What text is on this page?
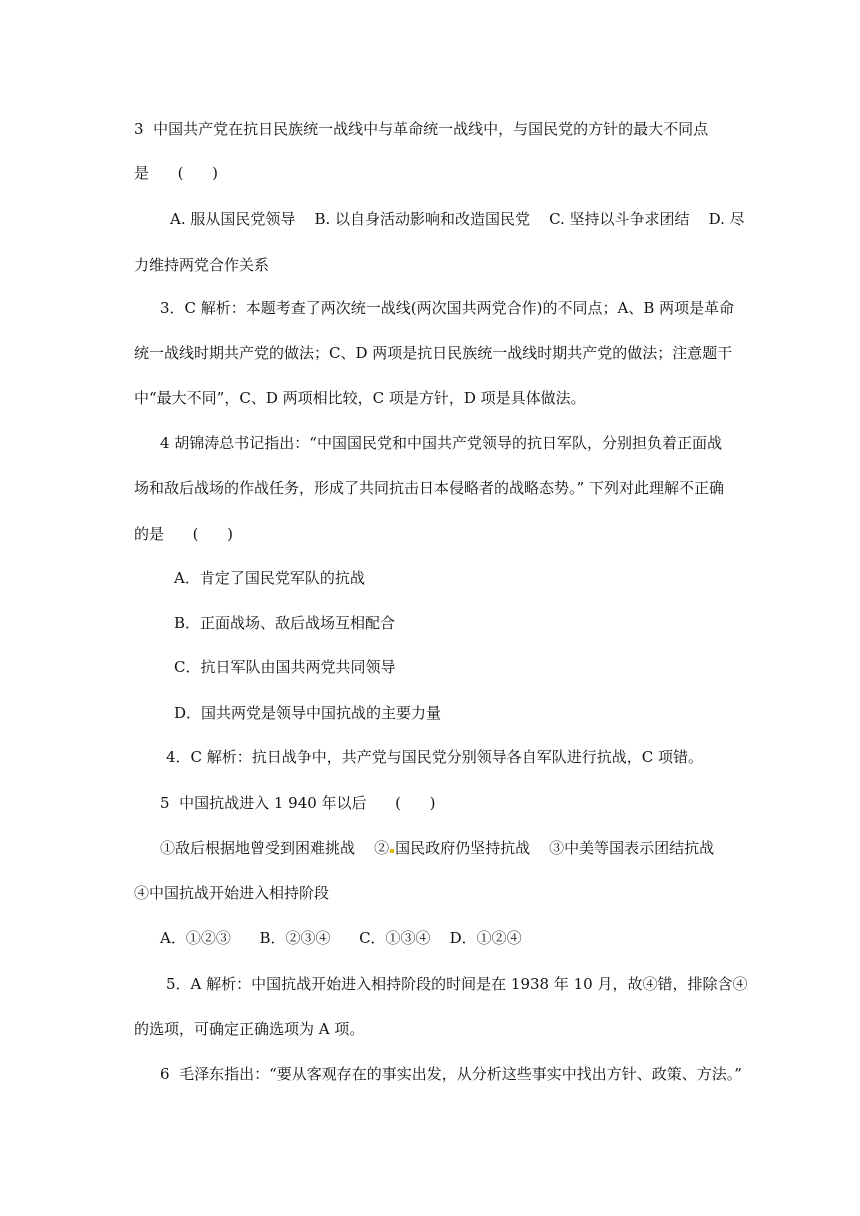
3  中国共产党在抗日民族统一战线中与革命统一战线中，与国民党的方针的最大不同点
是      (      )
A. 服从国民党领导    B. 以自身活动影响和改造国民党    C. 坚持以斗争求团结    D. 尽
力维持两党合作关系
3．C 解析：本题考查了两次统一战线(两次国共两党合作)的不同点；A、B 两项是革命
统一战线时期共产党的做法；C、D 两项是抗日民族统一战线时期共产党的做法；注意题干
中“最大不同”，C、D 两项相比较，C 项是方针，D 项是具体做法。
4 胡锦涛总书记指出：“中国国民党和中国共产党领导的抗日军队，分别担负着正面战
场和敌后战场的作战任务，形成了共同抗击日本侵略者的战略态势。” 下列对此理解不正确
的是      (      )
A．肯定了国民党军队的抗战
B．正面战场、敌后战场互相配合
C．抗日军队由国共两党共同领导
D．国共两党是领导中国抗战的主要力量
4．C 解析：抗日战争中，共产党与国民党分别领导各自军队进行抗战，C 项错。
5  中国抗战进入 1 940 年以后      (      )
①敌后根据地曾受到困难挑战    ② 国民政府仍坚持抗战    ③中美等国表示团结抗战
④中国抗战开始进入相持阶段
A．①②③      B．②③④      C．①③④    D．①②④
5．A 解析：中国抗战开始进入相持阶段的时间是在 1938 年 10 月，故④错，排除含④
的选项，可确定正确选项为 A 项。
6  毛泽东指出：“要从客观存在的事实出发，从分析这些事实中找出方针、政策、方法。”
